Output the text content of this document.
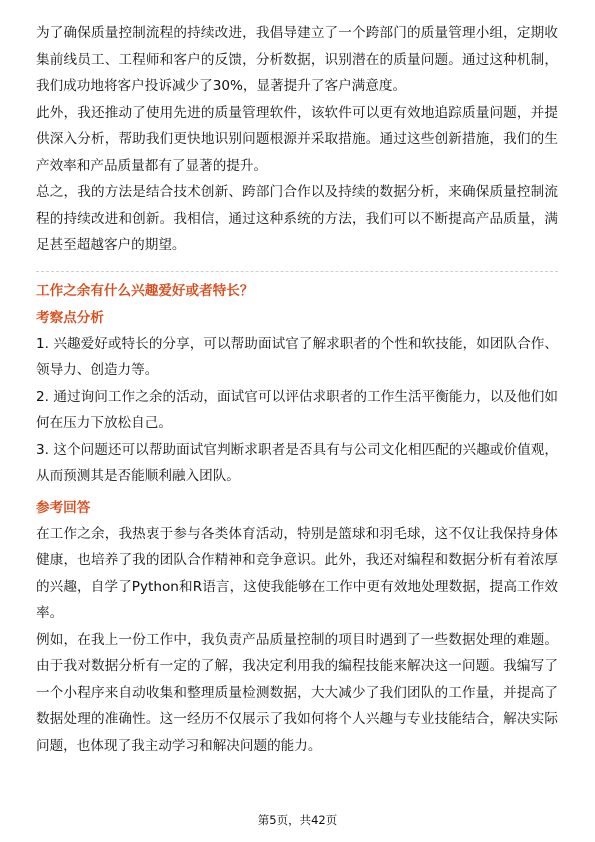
为了确保质量控制流程的持续改进，我倡导建立了一个跨部门的质量管理小组，定期收集前线员工、工程师和客户的反馈，分析数据，识别潜在的质量问题。通过这种机制，我们成功地将客户投诉减少了30%，显著提升了客户满意度。

此外，我还推动了使用先进的质量管理软件，该软件可以更有效地追踪质量问题，并提供深入分析，帮助我们更快地识别问题根源并采取措施。通过这些创新措施，我们的生产效率和产品质量都有了显著的提升。

总之，我的方法是结合技术创新、跨部门合作以及持续的数据分析，来确保质量控制流程的持续改进和创新。我相信，通过这种系统的方法，我们可以不断提高产品质量，满足甚至超越客户的期望。

工作之余有什么兴趣爱好或者特长？

考察点分析

1. 兴趣爱好或特长的分享，可以帮助面试官了解求职者的个性和软技能，如团队合作、领导力、创造力等。

2. 通过询问工作之余的活动，面试官可以评估求职者的工作生活平衡能力，以及他们如何在压力下放松自己。

3. 这个问题还可以帮助面试官判断求职者是否具有与公司文化相匹配的兴趣或价值观，从而预测其是否能顺利融入团队。

参考回答

在工作之余，我热衷于参与各类体育活动，特别是篮球和羽毛球，这不仅让我保持身体健康，也培养了我的团队合作精神和竞争意识。此外，我还对编程和数据分析有着浓厚的兴趣，自学了Python和R语言，这使我能够在工作中更有效地处理数据，提高工作效率。

例如，在我上一份工作中，我负责产品质量控制的项目时遇到了一些数据处理的难题。由于我对数据分析有一定的了解，我决定利用我的编程技能来解决这一问题。我编写了一个小程序来自动收集和整理质量检测数据，大大减少了我们团队的工作量，并提高了数据处理的准确性。这一经历不仅展示了我如何将个人兴趣与专业技能结合，解决实际问题，也体现了我主动学习和解决问题的能力。

第5页，共42页
